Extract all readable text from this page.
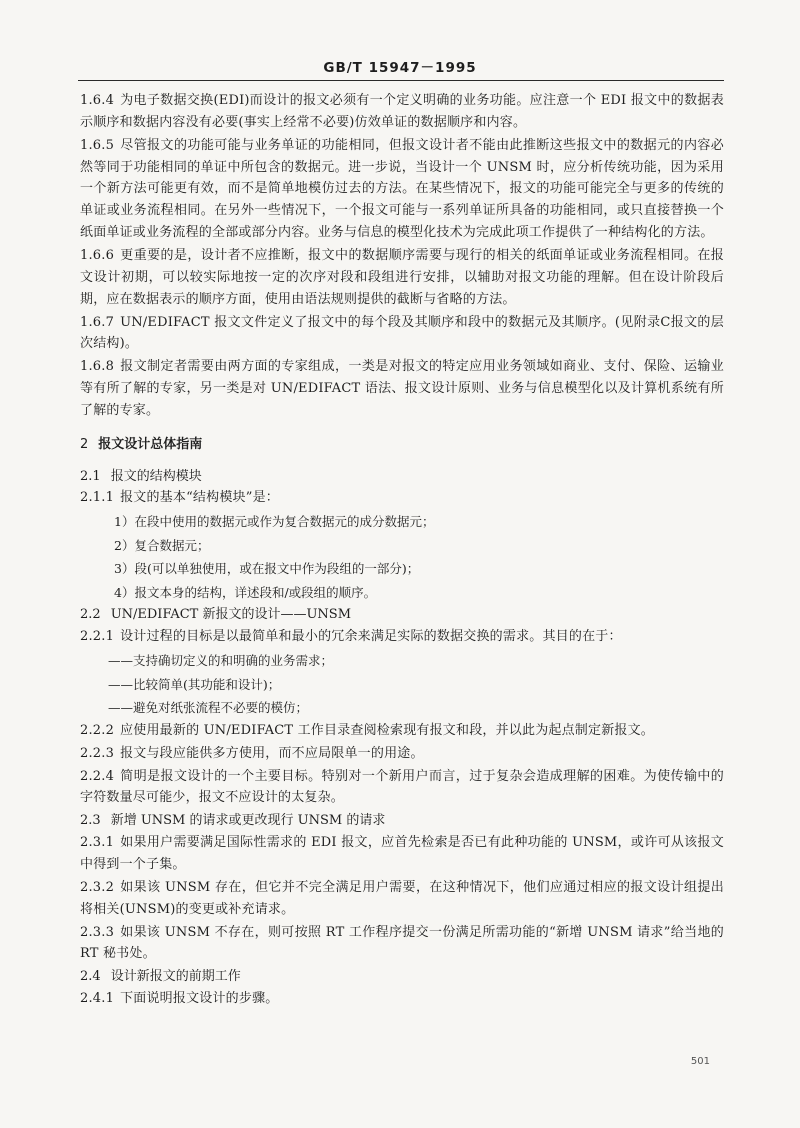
GB/T 15947－1995

1.6.4 为电子数据交换(EDI)而设计的报文必须有一个定义明确的业务功能。应注意一个 EDI 报文中的数据表示顺序和数据内容没有必要(事实上经常不必要)仿效单证的数据顺序和内容。

1.6.5 尽管报文的功能可能与业务单证的功能相同，但报文设计者不能由此推断这些报文中的数据元的内容必然等同于功能相同的单证中所包含的数据元。进一步说，当设计一个 UNSM 时，应分析传统功能，因为采用一个新方法可能更有效，而不是简单地模仿过去的方法。在某些情况下，报文的功能可能完全与更多的传统的单证或业务流程相同。在另外一些情况下，一个报文可能与一系列单证所具备的功能相同，或只直接替换一个纸面单证或业务流程的全部或部分内容。业务与信息的模型化技术为完成此项工作提供了一种结构化的方法。

1.6.6 更重要的是，设计者不应推断，报文中的数据顺序需要与现行的相关的纸面单证或业务流程相同。在报文设计初期，可以较实际地按一定的次序对段和段组进行安排，以辅助对报文功能的理解。但在设计阶段后期，应在数据表示的顺序方面，使用由语法规则提供的截断与省略的方法。

1.6.7 UN/EDIFACT 报文文件定义了报文中的每个段及其顺序和段中的数据元及其顺序。(见附录C报文的层次结构)。

1.6.8 报文制定者需要由两方面的专家组成，一类是对报文的特定应用业务领域如商业、支付、保险、运输业等有所了解的专家，另一类是对 UN/EDIFACT 语法、报文设计原则、业务与信息模型化以及计算机系统有所了解的专家。

2 报文设计总体指南
2.1 报文的结构模块

2.1.1 报文的基本“结构模块”是：

1）在段中使用的数据元或作为复合数据元的成分数据元；

2）复合数据元；

3）段(可以单独使用，或在报文中作为段组的一部分)；

4）报文本身的结构，详述段和/或段组的顺序。

2.2 UN/EDIFACT 新报文的设计——UNSM

2.2.1 设计过程的目标是以最简单和最小的冗余来满足实际的数据交换的需求。其目的在于：

——支持确切定义的和明确的业务需求；

——比较简单(其功能和设计)；

——避免对纸张流程不必要的模仿；

2.2.2 应使用最新的 UN/EDIFACT 工作目录查阅检索现有报文和段，并以此为起点制定新报文。

2.2.3 报文与段应能供多方使用，而不应局限单一的用途。

2.2.4 简明是报文设计的一个主要目标。特别对一个新用户而言，过于复杂会造成理解的困难。为使传输中的字符数量尽可能少，报文不应设计的太复杂。

2.3 新增 UNSM 的请求或更改现行 UNSM 的请求

2.3.1 如果用户需要满足国际性需求的 EDI 报文，应首先检索是否已有此种功能的 UNSM，或许可从该报文中得到一个子集。

2.3.2 如果该 UNSM 存在，但它并不完全满足用户需要，在这种情况下，他们应通过相应的报文设计组提出将相关(UNSM)的变更或补充请求。

2.3.3 如果该 UNSM 不存在，则可按照 RT 工作程序提交一份满足所需功能的“新增 UNSM 请求”给当地的 RT 秘书处。

2.4 设计新报文的前期工作

2.4.1 下面说明报文设计的步骤。

501
